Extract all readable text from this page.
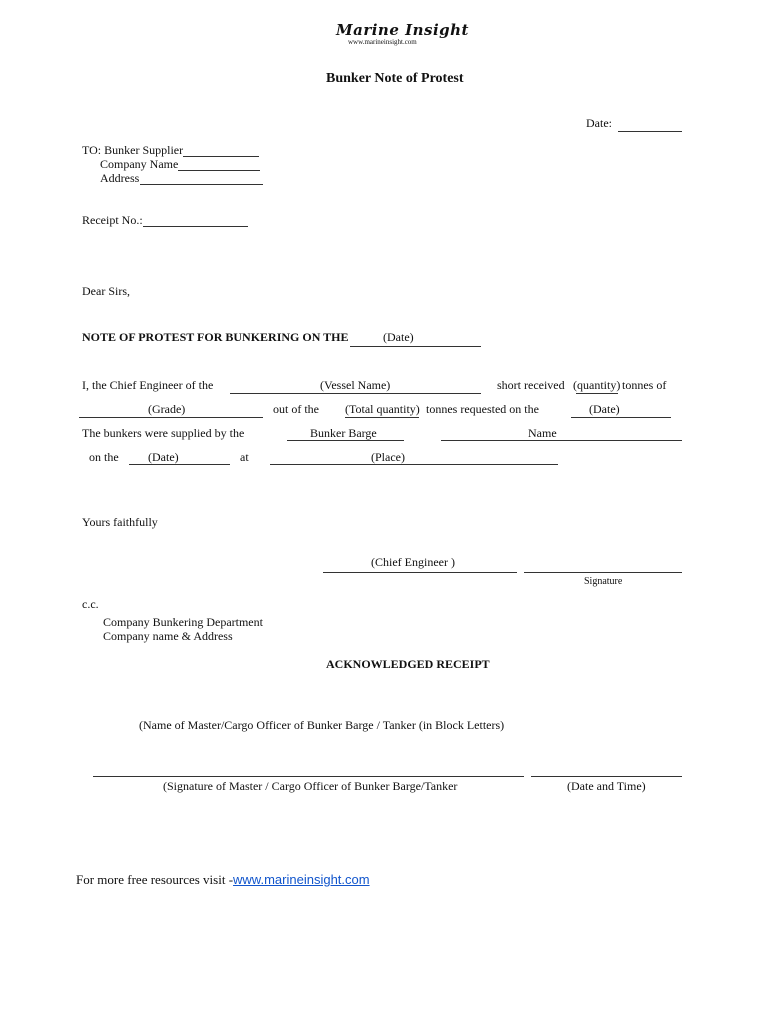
Marine Insight
www.marineinsight.com
Bunker Note of Protest
Date:
TO: Bunker Supplier
Company Name
Address
Receipt No.:
Dear Sirs,
NOTE OF PROTEST FOR BUNKERING ON THE	(Date)
I, the Chief Engineer of the	(Vessel Name)	short received (quantity) tonnes of
(Grade)	out of the (Total quantity) tonnes requested on the	(Date)
The bunkers were supplied by the	Bunker Barge	Name
on the (Date)	at	(Place)
Yours faithfully
(Chief Engineer )
Signature
c.c.
Company Bunkering Department
Company name & Address
ACKNOWLEDGED RECEIPT
(Name of Master/Cargo Officer of Bunker Barge / Tanker (in Block Letters)
(Signature of Master / Cargo Officer of Bunker Barge/Tanker	(Date and Time)
For more free resources visit -www.marineinsight.com
